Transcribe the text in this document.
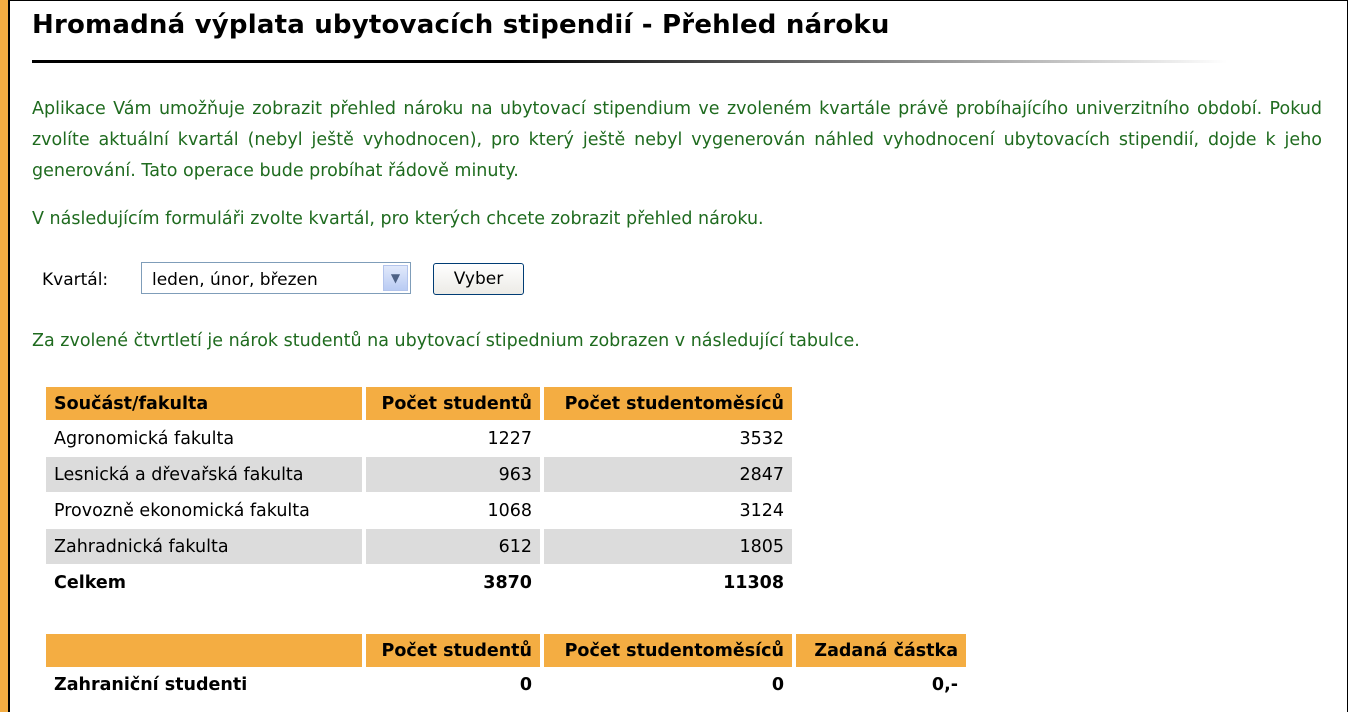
Hromadná výplata ubytovacích stipendií - Přehled nároku

Aplikace Vám umožňuje zobrazit přehled nároku na ubytovací stipendium ve zvoleném kvartále právě probíhajícího univerzitního období. Pokud zvolíte aktuální kvartál (nebyl ještě vyhodnocen), pro který ještě nebyl vygenerován náhled vyhodnocení ubytovacích stipendií, dojde k jeho generování. Tato operace bude probíhat řádově minuty.

V následujícím formuláři zvolte kvartál, pro kterých chcete zobrazit přehled nároku.

Kvartál:	leden, únor, březen	▼	Vyber

Za zvolené čtvrtletí je nárok studentů na ubytovací stipednium zobrazen v následující tabulce.

Součást/fakulta	Počet studentů	Počet studentoměsíců
Agronomická fakulta	1227	3532
Lesnická a dřevařská fakulta	963	2847
Provozně ekonomická fakulta	1068	3124
Zahradnická fakulta	612	1805
Celkem	3870	11308
	Počet studentů	Počet studentoměsíců	Zadaná částka
Zahraniční studenti	0	0	0,-
